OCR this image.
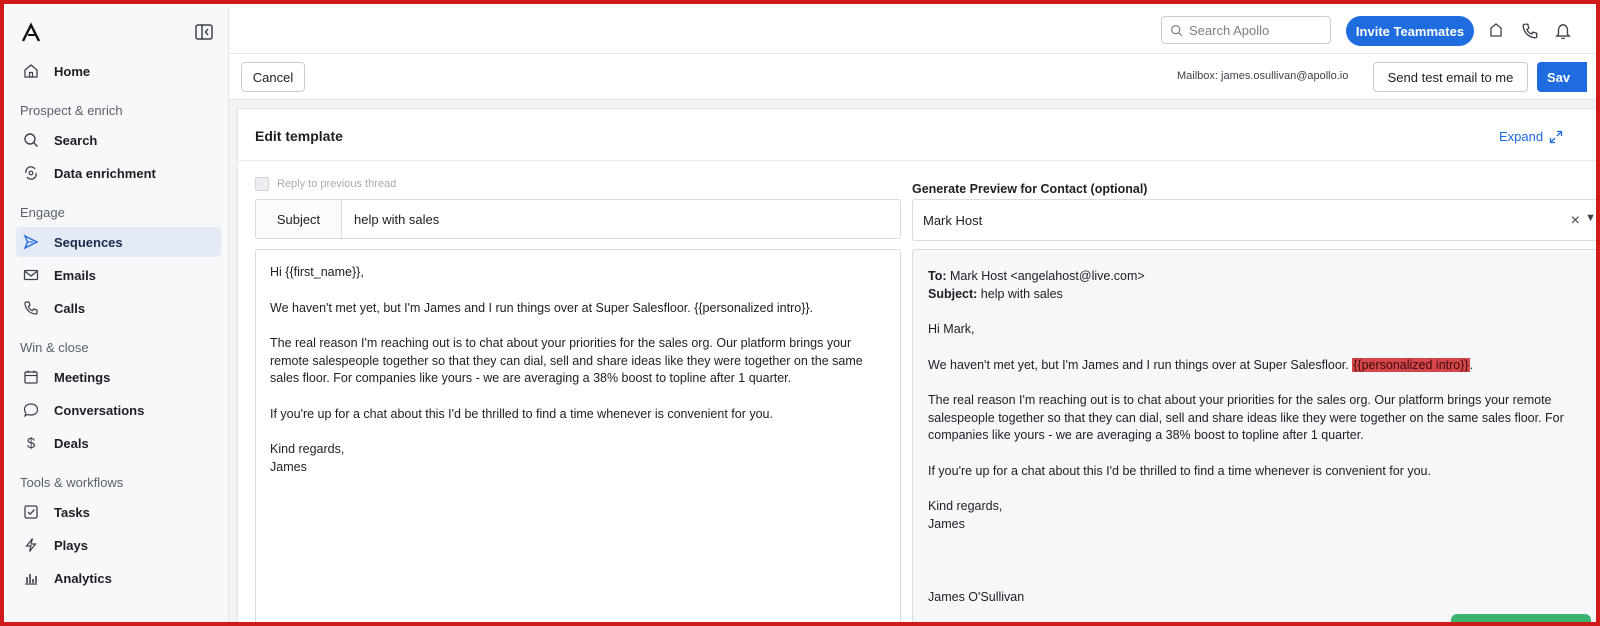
Home
Prospect & enrich
Search
Data enrichment
Engage
Sequences
Emails
Calls
Win & close
Meetings
Conversations
$ Deals
Tools & workflows
Tasks
Plays
Analytics
Search Apollo	Invite Teammates
Cancel	Mailbox: james.osullivan@apollo.io	Send test email to me	Sav
Edit template	Expand
Reply to previous thread
Subject	help with sales

Hi {{first_name}},

We haven't met yet, but I'm James and I run things over at Super Salesfloor. {{personalized intro}}.

The real reason I'm reaching out is to chat about your priorities for the sales org. Our platform brings your remote salespeople together so that they can dial, sell and share ideas like they were together on the same sales floor. For companies like yours - we are averaging a 38% boost to topline after 1 quarter.

If you're up for a chat about this I'd be thrilled to find a time whenever is convenient for you.

Kind regards,
James
Generate Preview for Contact (optional)
Mark Host	× ▼
To: Mark Host <angelahost@live.com>

Subject: help with sales

Hi Mark,

We haven't met yet, but I'm James and I run things over at Super Salesfloor. {{personalized intro}}.

The real reason I'm reaching out is to chat about your priorities for the sales org. Our platform brings your remote salespeople together so that they can dial, sell and share ideas like they were together on the same sales floor. For companies like yours - we are averaging a 38% boost to topline after 1 quarter.

If you're up for a chat about this I'd be thrilled to find a time whenever is convenient for you.

Kind regards,
James
James O'Sullivan
